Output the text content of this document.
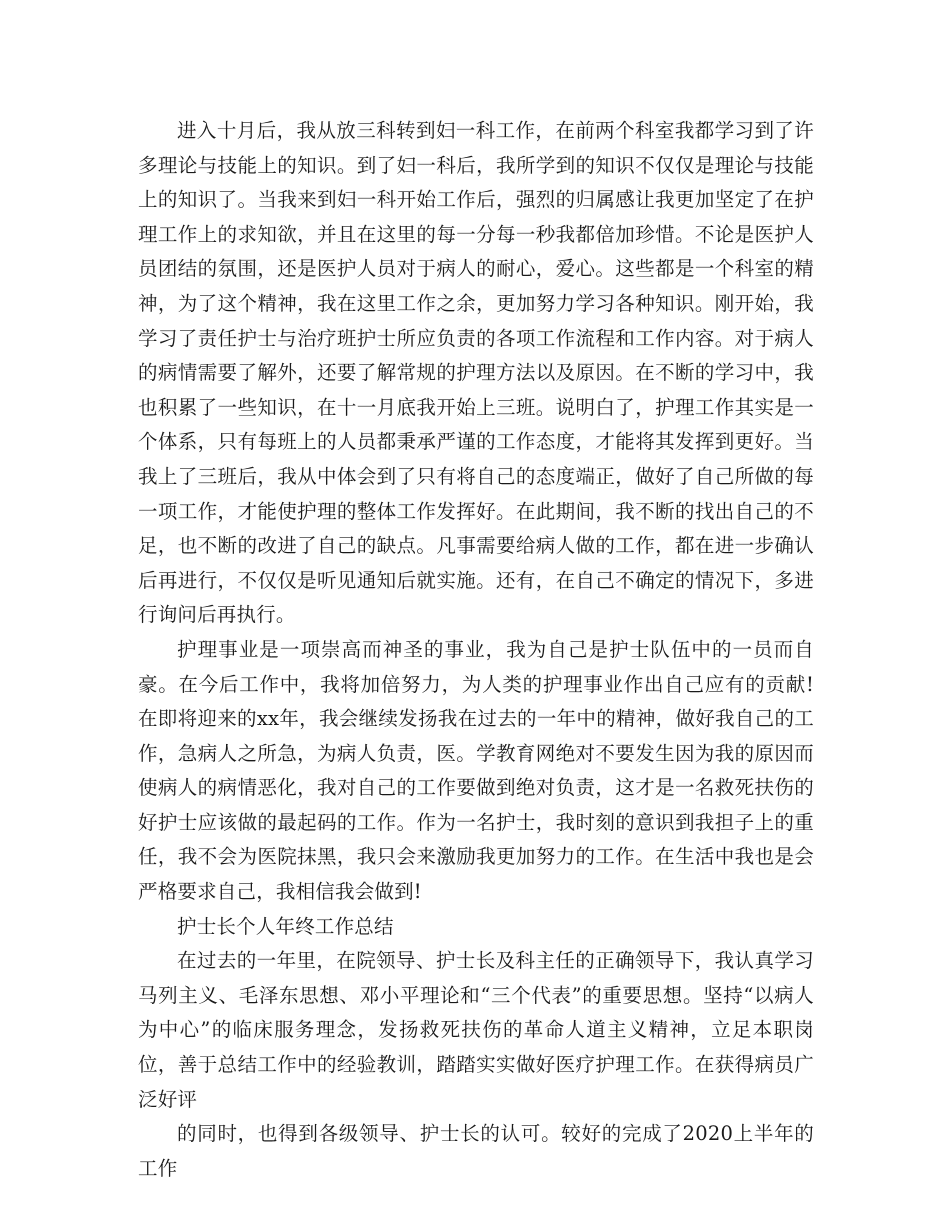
进入十月后，我从放三科转到妇一科工作，在前两个科室我都学习到了许多理论与技能上的知识。到了妇一科后，我所学到的知识不仅仅是理论与技能上的知识了。当我来到妇一科开始工作后，强烈的归属感让我更加坚定了在护理工作上的求知欲，并且在这里的每一分每一秒我都倍加珍惜。不论是医护人员团结的氛围，还是医护人员对于病人的耐心，爱心。这些都是一个科室的精神，为了这个精神，我在这里工作之余，更加努力学习各种知识。刚开始，我学习了责任护士与治疗班护士所应负责的各项工作流程和工作内容。对于病人的病情需要了解外，还要了解常规的护理方法以及原因。在不断的学习中，我也积累了一些知识，在十一月底我开始上三班。说明白了，护理工作其实是一个体系，只有每班上的人员都秉承严谨的工作态度，才能将其发挥到更好。当我上了三班后，我从中体会到了只有将自己的态度端正，做好了自己所做的每一项工作，才能使护理的整体工作发挥好。在此期间，我不断的找出自己的不足，也不断的改进了自己的缺点。凡事需要给病人做的工作，都在进一步确认后再进行，不仅仅是听见通知后就实施。还有，在自己不确定的情况下，多进行询问后再执行。

护理事业是一项崇高而神圣的事业，我为自己是护士队伍中的一员而自豪。在今后工作中，我将加倍努力，为人类的护理事业作出自己应有的贡献!在即将迎来的xx年，我会继续发扬我在过去的一年中的精神，做好我自己的工作，急病人之所急，为病人负责，医。学教育网绝对不要发生因为我的原因而使病人的病情恶化，我对自己的工作要做到绝对负责，这才是一名救死扶伤的好护士应该做的最起码的工作。作为一名护士，我时刻的意识到我担子上的重任，我不会为医院抹黑，我只会来激励我更加努力的工作。在生活中我也是会严格要求自己，我相信我会做到!

护士长个人年终工作总结

在过去的一年里，在院领导、护士长及科主任的正确领导下，我认真学习马列主义、毛泽东思想、邓小平理论和“三个代表”的重要思想。坚持“以病人为中心”的临床服务理念，发扬救死扶伤的革命人道主义精神，立足本职岗位，善于总结工作中的经验教训，踏踏实实做好医疗护理工作。在获得病员广泛好评

的同时，也得到各级领导、护士长的认可。较好的完成了2020上半年的工作
